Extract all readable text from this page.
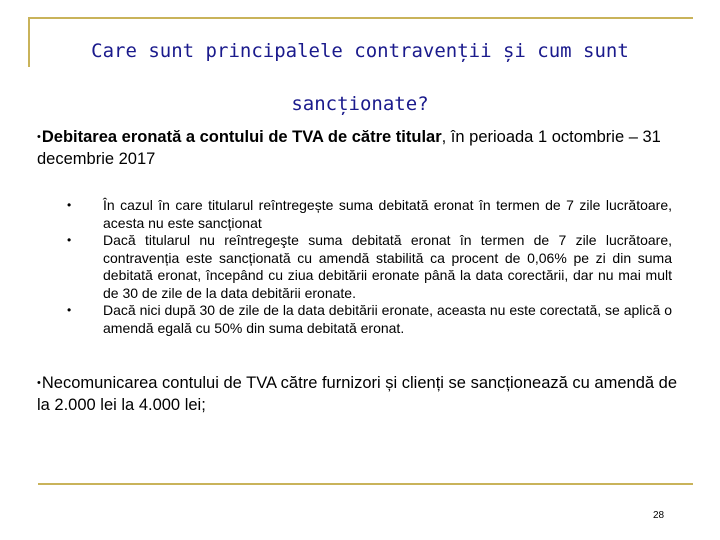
Care sunt principalele contravenții și cum sunt
sancționate?
•Debitarea eronată a contului de TVA de către titular, în perioada 1 octombrie – 31 decembrie 2017
• În cazul în care titularul reîntregește suma debitată eronat în termen de 7 zile lucrătoare, acesta nu este sancționat
• Dacă titularul nu reîntregeşte suma debitată eronat în termen de 7 zile lucrătoare, contravenția este sancționată cu amendă stabilită ca procent de 0,06% pe zi din suma debitată eronat, începând cu ziua debitării eronate până la data corectării, dar nu mai mult de 30 de zile de la data debitării eronate.
• Dacă nici după 30 de zile de la data debitării eronate, aceasta nu este corectată, se aplică o amendă egală cu 50% din suma debitată eronat.
•Necomunicarea contului de TVA către furnizori și clienți se sancționează cu amendă de la 2.000 lei la 4.000 lei;
28
